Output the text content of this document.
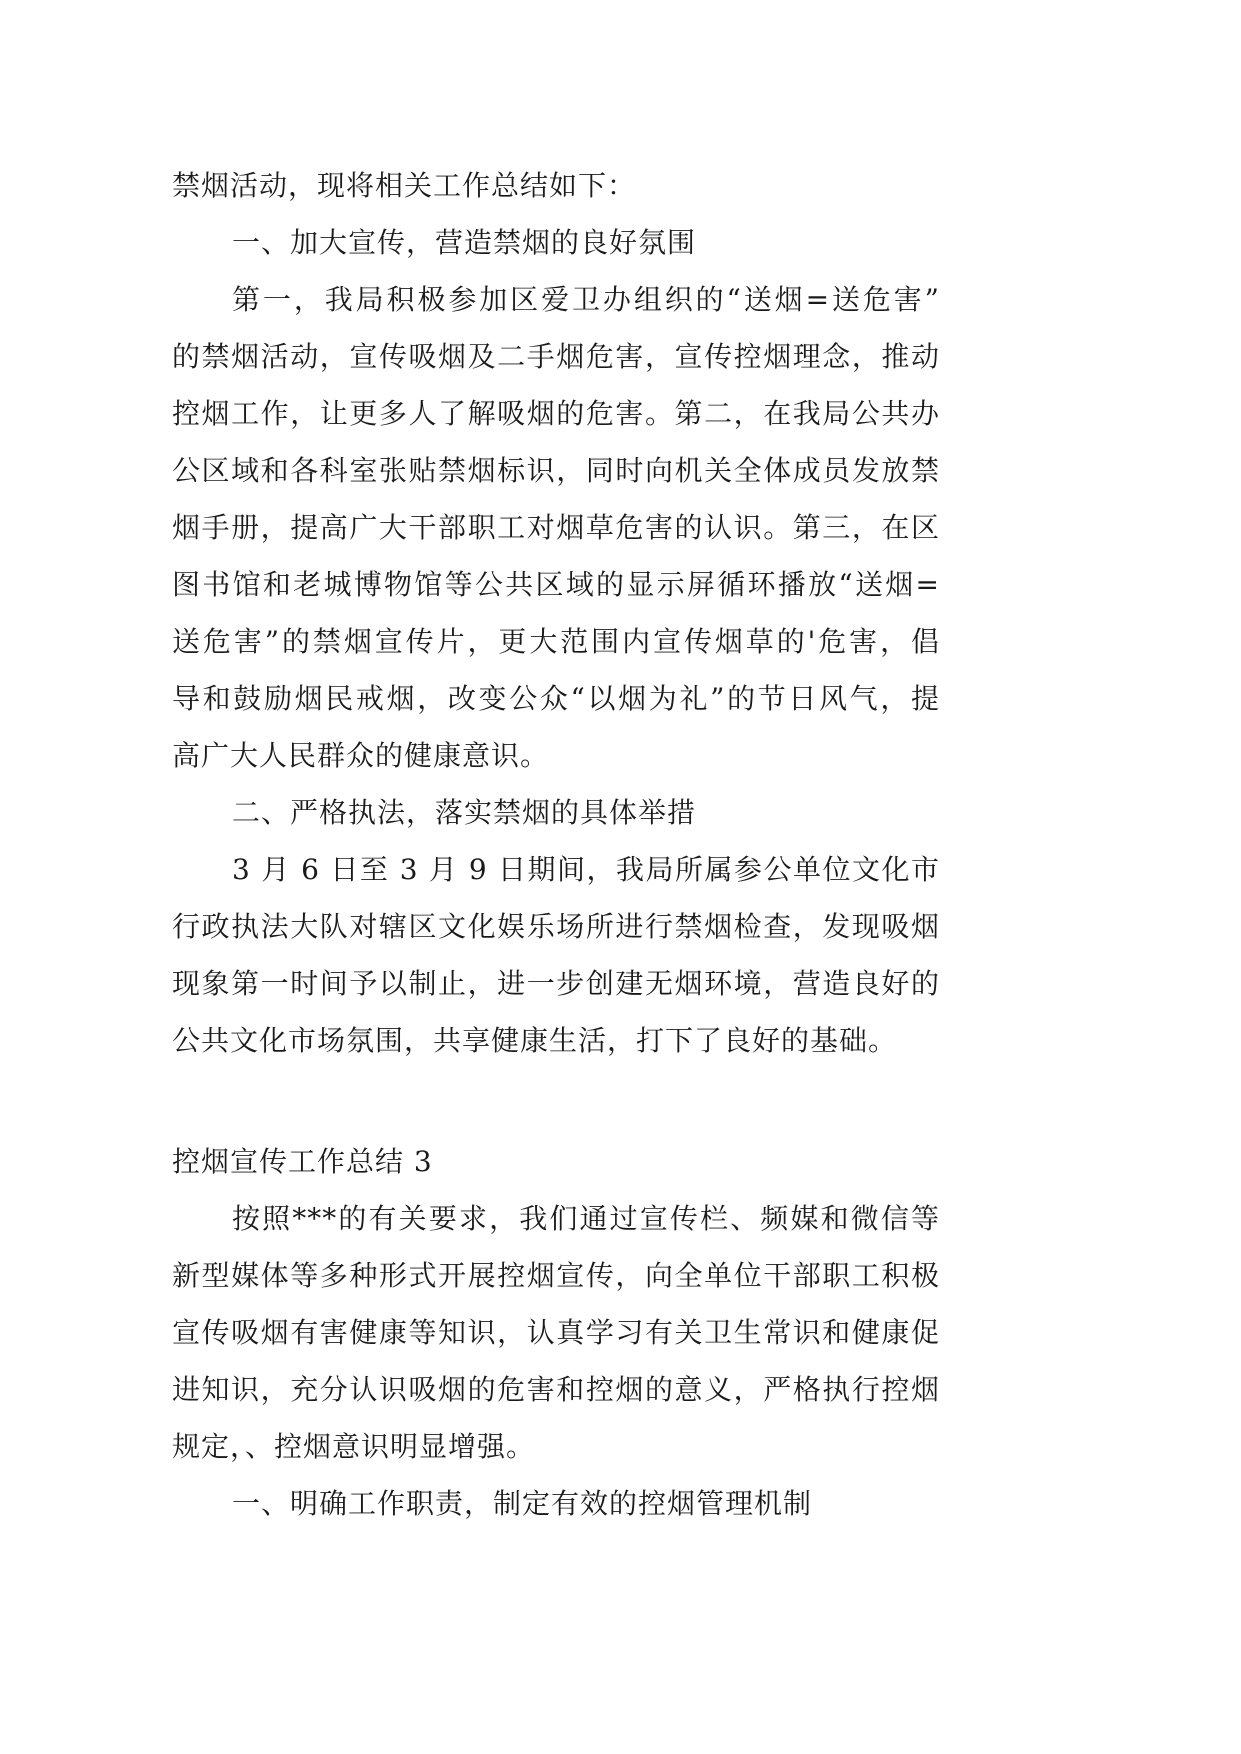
禁烟活动，现将相关工作总结如下：
一、加大宣传，营造禁烟的良好氛围
第一，我局积极参加区爱卫办组织的“送烟=送危害”
的禁烟活动，宣传吸烟及二手烟危害，宣传控烟理念，推动
控烟工作，让更多人了解吸烟的危害。第二，在我局公共办
公区域和各科室张贴禁烟标识，同时向机关全体成员发放禁
烟手册，提高广大干部职工对烟草危害的认识。第三，在区
图书馆和老城博物馆等公共区域的显示屏循环播放“送烟=
送危害”的禁烟宣传片，更大范围内宣传烟草的'危害，倡
导和鼓励烟民戒烟，改变公众“以烟为礼”的节日风气，提
高广大人民群众的健康意识。
二、严格执法，落实禁烟的具体举措
3 月 6 日至 3 月 9 日期间，我局所属参公单位文化市
行政执法大队对辖区文化娱乐场所进行禁烟检查，发现吸烟
现象第一时间予以制止，进一步创建无烟环境，营造良好的
公共文化市场氛围，共享健康生活，打下了良好的基础。
控烟宣传工作总结 3
按照***的有关要求，我们通过宣传栏、频媒和微信等
新型媒体等多种形式开展控烟宣传，向全单位干部职工积极
宣传吸烟有害健康等知识，认真学习有关卫生常识和健康促
进知识，充分认识吸烟的危害和控烟的意义，严格执行控烟
规定，、控烟意识明显增强。
一、明确工作职责，制定有效的控烟管理机制
